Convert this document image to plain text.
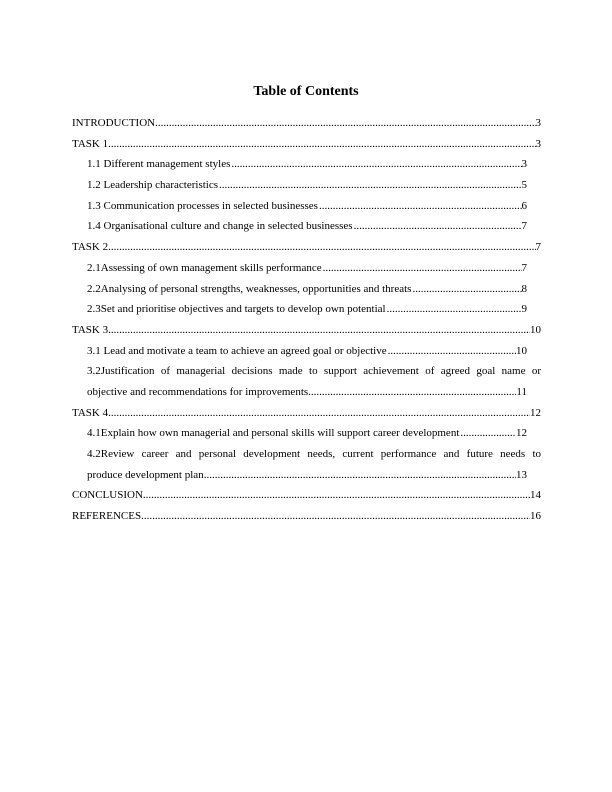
Table of Contents
INTRODUCTION .....	3
TASK 1 .....	3
1.1 Different management styles .....	3
1.2 Leadership characteristics .....	5
1.3 Communication processes in selected businesses .....	6
1.4 Organisational culture and change in selected businesses .....	7
TASK 2 .....	7
2.1Assessing of own management skills performance .....	7
2.2Analysing of personal strengths, weaknesses, opportunities and threats .....	8
2.3Set and prioritise objectives and targets to develop own potential .....	9
TASK 3 .....	10
3.1 Lead and motivate a team to achieve an agreed goal or objective .....	10
3.2Justification of managerial decisions made to support achievement of agreed goal name or
objective and recommendations for improvements .....	11
TASK 4 .....	12
4.1Explain how own managerial and personal skills will support career development .....	12
4.2Review career and personal development needs, current performance and future needs to
produce development plan .....	13
CONCLUSION .....	14
REFERENCES .....	16
